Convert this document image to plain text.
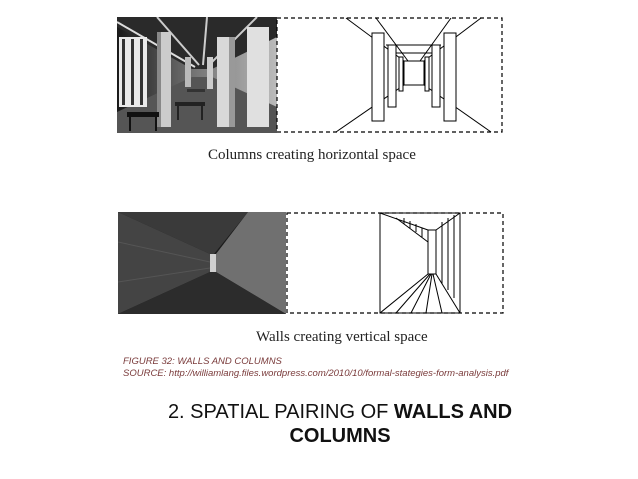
Columns creating horizontal space
Walls creating vertical space
FIGURE 32: WALLS AND COLUMNS
SOURCE: http://williamlang.files.wordpress.com/2010/10/formal-stategies-form-analysis.pdf
2. SPATIAL PAIRING OF WALLS AND
COLUMNS
